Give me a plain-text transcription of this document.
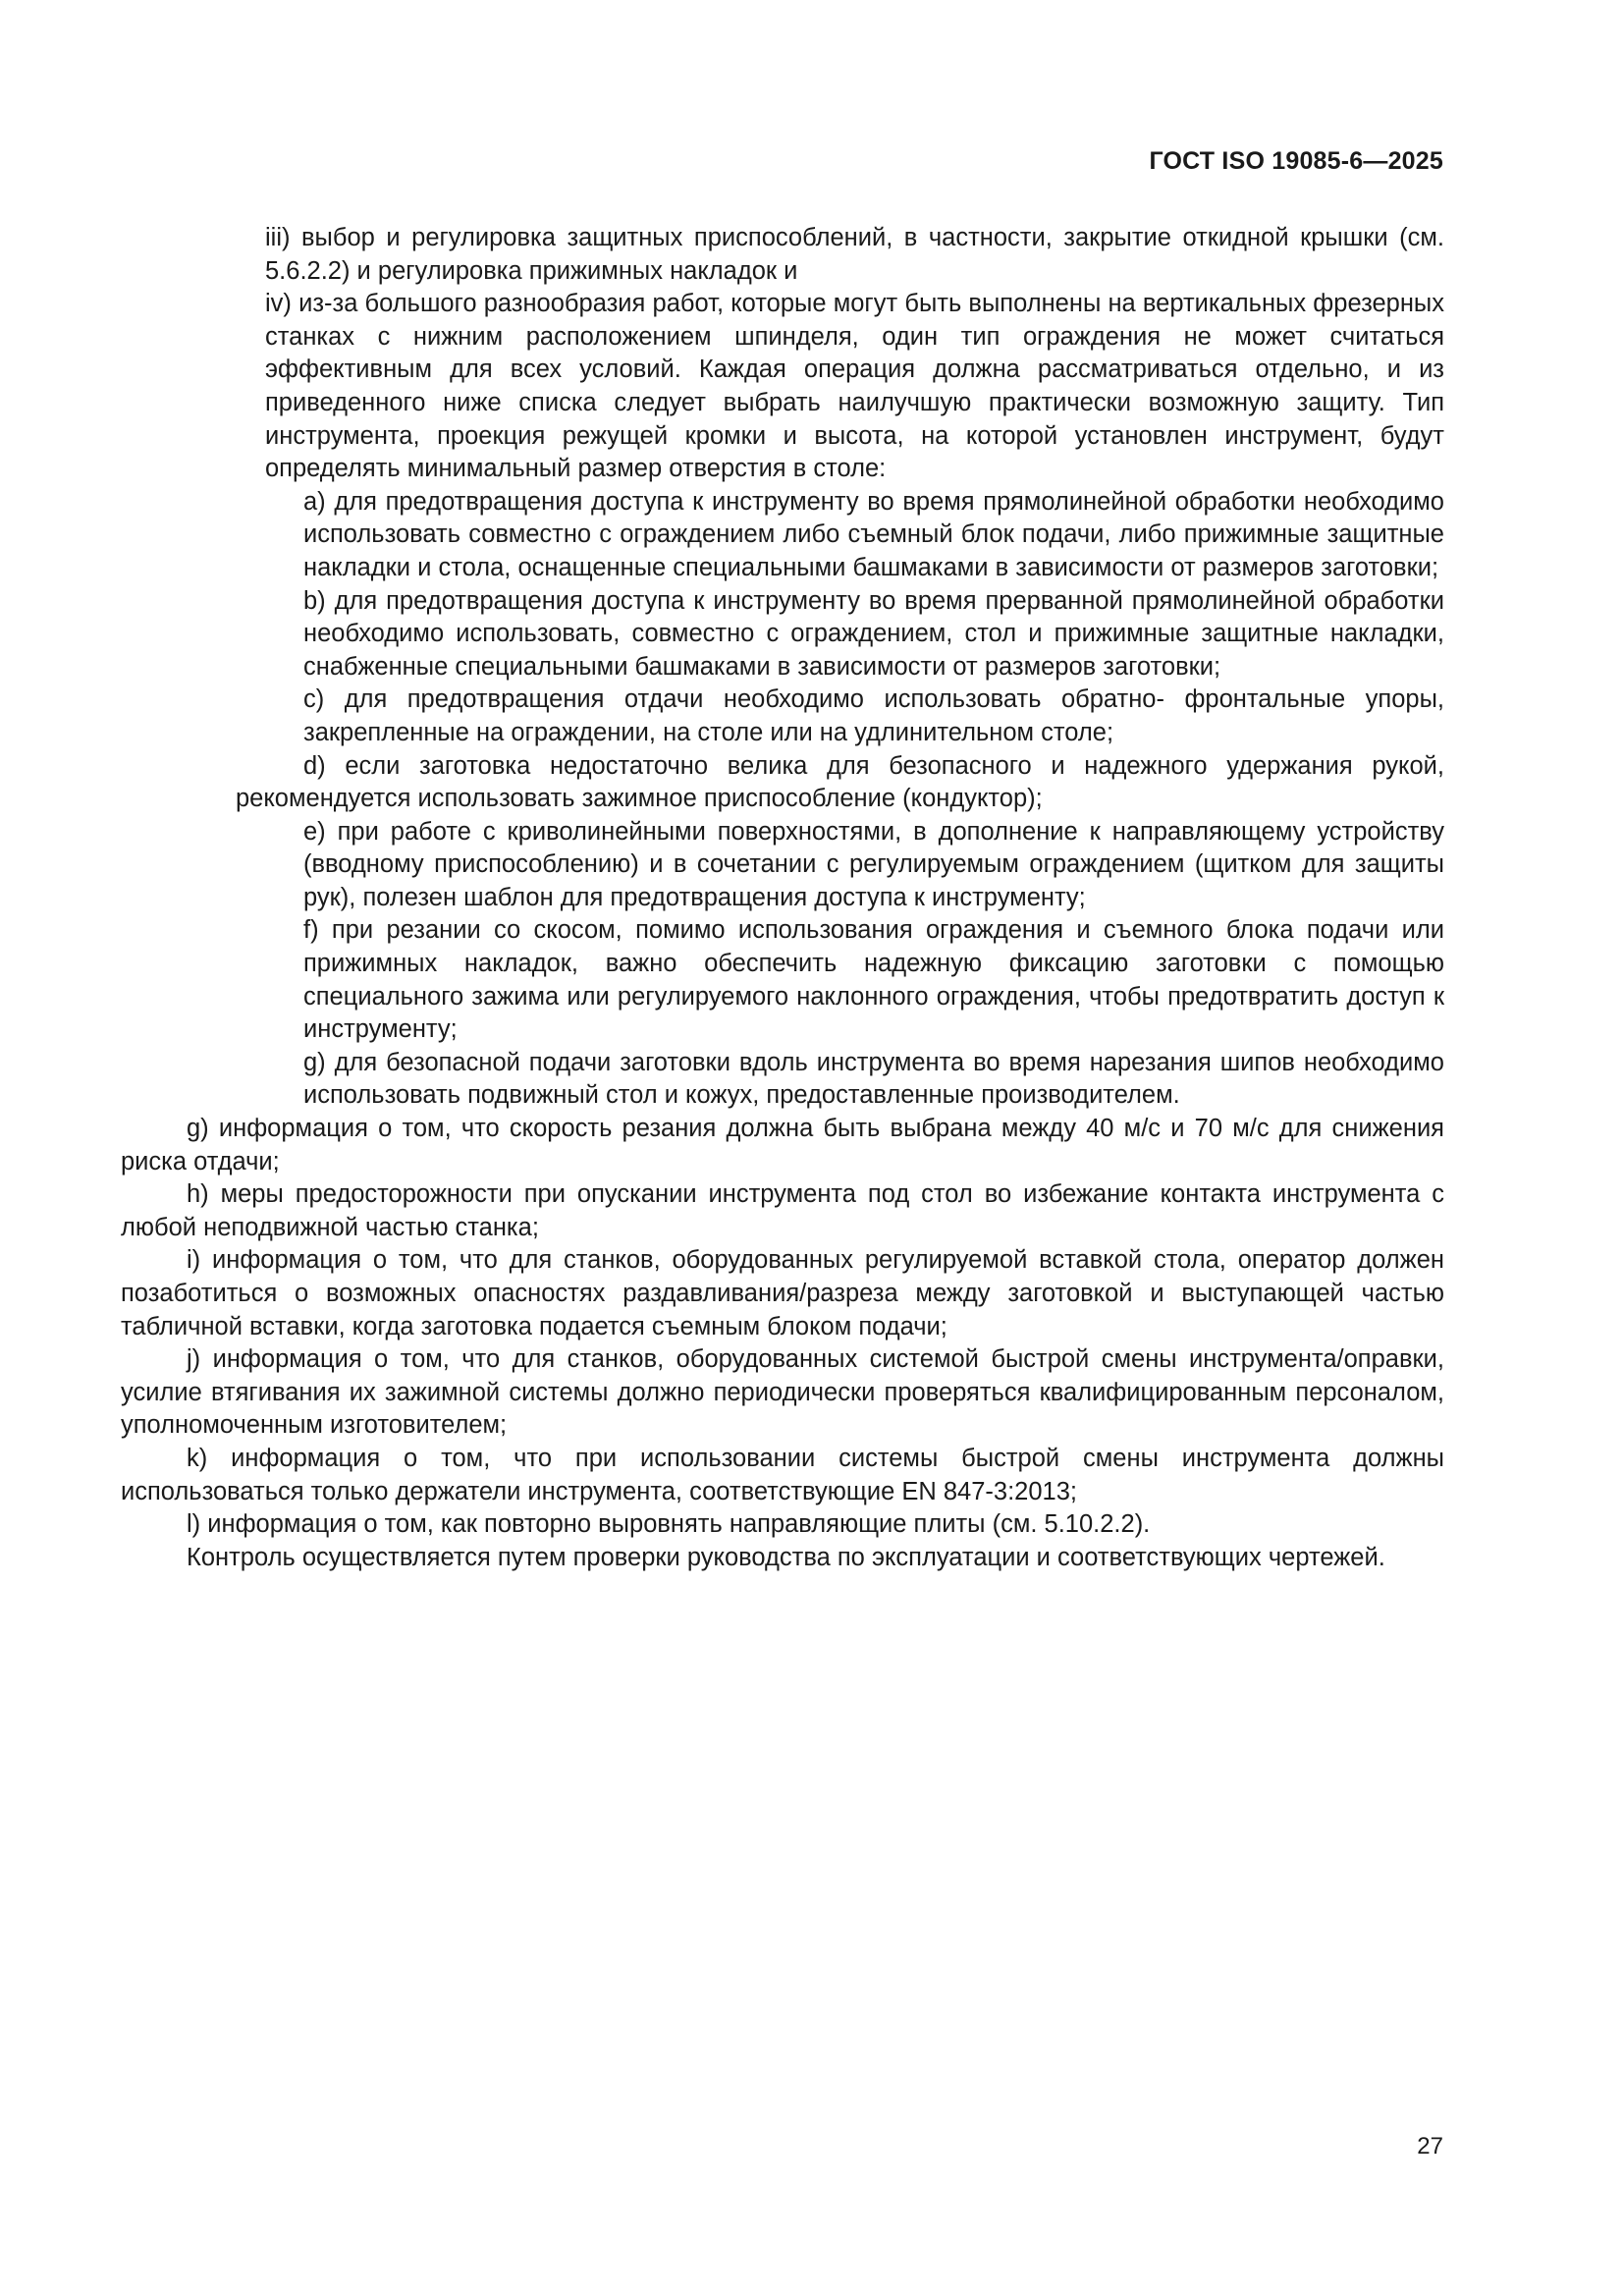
ГОСТ ISO 19085-6—2025

iii) выбор и регулировка защитных приспособлений, в частности, закрытие откидной крышки (см. 5.6.2.2) и регулировка прижимных накладок и

iv) из-за большого разнообразия работ, которые могут быть выполнены на вертикальных фрезерных станках с нижним расположением шпинделя, один тип ограждения не может считаться эффективным для всех условий. Каждая операция должна рассматриваться отдельно, и из приведенного ниже списка следует выбрать наилучшую практически возможную защиту. Тип инструмента, проекция режущей кромки и высота, на которой установлен инструмент, будут определять минимальный размер отверстия в столе:

a) для предотвращения доступа к инструменту во время прямолинейной обработки необходимо использовать совместно с ограждением либо съемный блок подачи, либо прижимные защитные накладки и стола, оснащенные специальными башмаками в зависимости от размеров заготовки;

b) для предотвращения доступа к инструменту во время прерванной прямолинейной обработки необходимо использовать, совместно с ограждением, стол и прижимные защитные накладки, снабженные специальными башмаками в зависимости от размеров заготовки;

c) для предотвращения отдачи необходимо использовать обратно- фронтальные упоры, закрепленные на ограждении, на столе или на удлинительном столе;

d) если заготовка недостаточно велика для безопасного и надежного удержания рукой, рекомендуется использовать зажимное приспособление (кондуктор);

e) при работе с криволинейными поверхностями, в дополнение к направляющему устройству (вводному приспособлению) и в сочетании с регулируемым ограждением (щитком для защиты рук), полезен шаблон для предотвращения доступа к инструменту;

f) при резании со скосом, помимо использования ограждения и съемного блока подачи или прижимных накладок, важно обеспечить надежную фиксацию заготовки с помощью специального зажима или регулируемого наклонного ограждения, чтобы предотвратить доступ к инструменту;

g) для безопасной подачи заготовки вдоль инструмента во время нарезания шипов необходимо использовать подвижный стол и кожух, предоставленные производителем.

g) информация о том, что скорость резания должна быть выбрана между 40 м/с и 70 м/с для снижения риска отдачи;

h) меры предосторожности при опускании инструмента под стол во избежание контакта инструмента с любой неподвижной частью станка;

i) информация о том, что для станков, оборудованных регулируемой вставкой стола, оператор должен позаботиться о возможных опасностях раздавливания/разреза между заготовкой и выступающей частью табличной вставки, когда заготовка подается съемным блоком подачи;

j) информация о том, что для станков, оборудованных системой быстрой смены инструмента/оправки, усилие втягивания их зажимной системы должно периодически проверяться квалифицированным персоналом, уполномоченным изготовителем;

k) информация о том, что при использовании системы быстрой смены инструмента должны использоваться только держатели инструмента, соответствующие EN 847-3:2013;

l) информация о том, как повторно выровнять направляющие плиты (см. 5.10.2.2).

Контроль осуществляется путем проверки руководства по эксплуатации и соответствующих чертежей.

27
